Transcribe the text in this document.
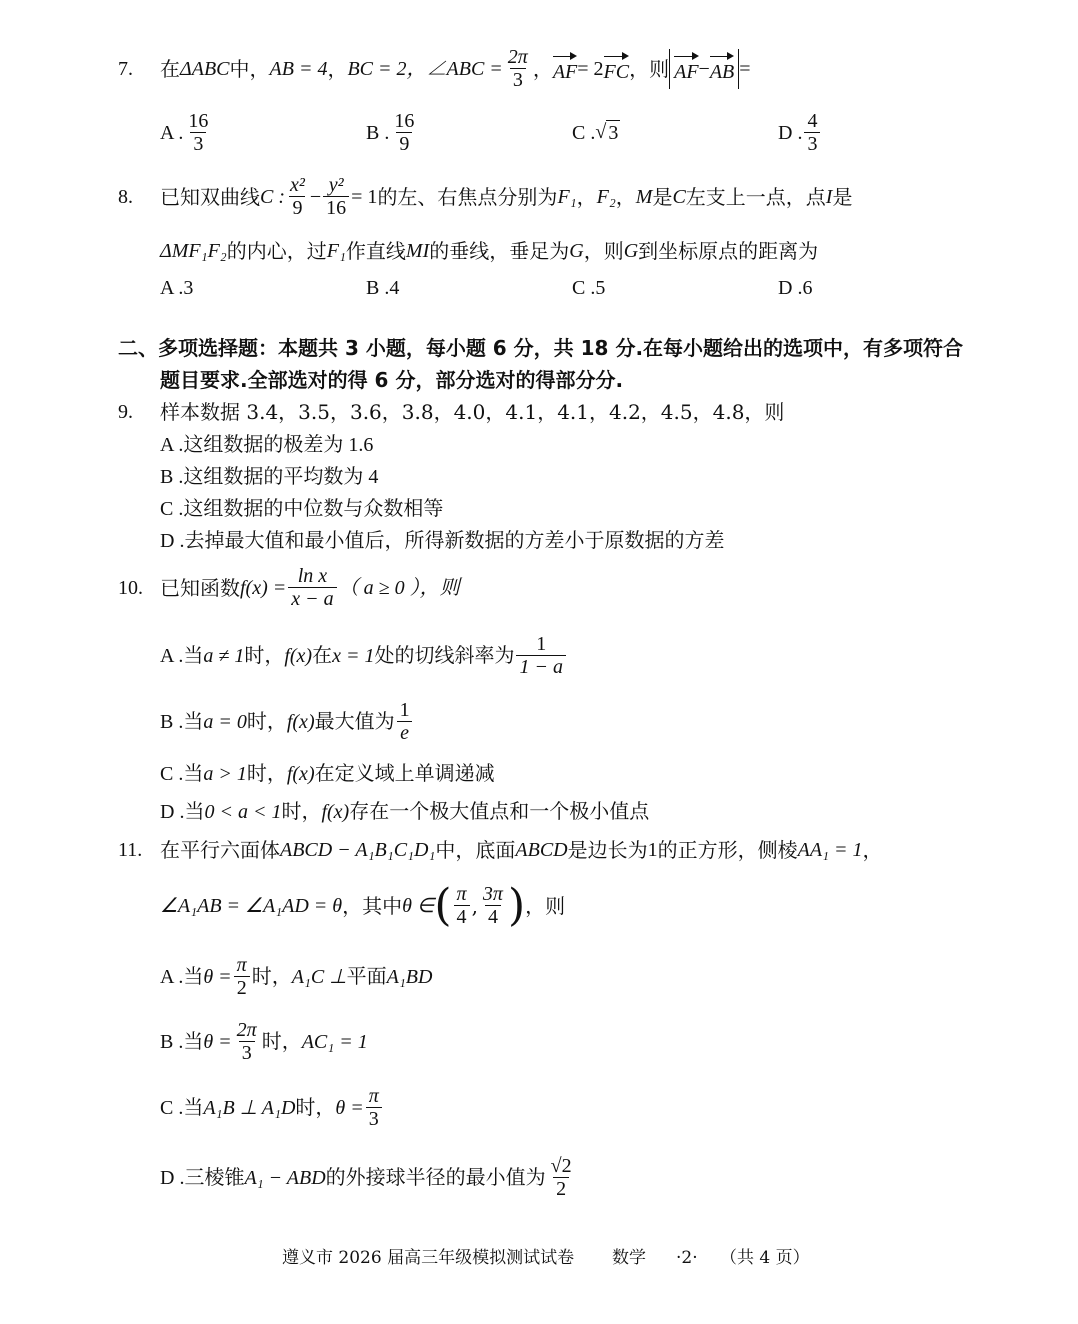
7.	在 ΔABC 中， AB = 4 ， BC = 2 ，∠ABC = $\frac{2\pi}{3}$ ， AF = 2 FC ，则 AF − AB =
A . $\frac{16}{3}$	B . $\frac{16}{9}$	C . √ 3	D . $\frac{4}{3}$
8.	已知双曲线 C : $\frac{\text{x²}}{9} - \frac{\text{y²}}{16} = 1$ 的左、右焦点分别为 F₁ ， F₂ ， M 是 C 左支上一点，点 I 是
ΔMF₁F₂ 的内心，过 F₁ 作直线 MI 的垂线，垂足为 G ，则 G 到坐标原点的距离为
A .3	B .4	C .5	D .6
二、多项选择题：本题共 3 小题，每小题 6 分，共 18 分.在每小题给出的选项中，有多项符合
题目要求.全部选对的得 6 分，部分选对的得部分分.
9.	样本数据 3.4，3.5，3.6，3.8，4.0，4.1，4.1，4.2，4.5，4.8，则
A .这组数据的极差为 1.6
B .这组数据的平均数为 4
C .这组数据的中位数与众数相等
D .去掉最大值和最小值后，所得新数据的方差小于原数据的方差
10. 已知函数 $f(x) = \frac{\text{ln x}}{x - a}$ （ a ≥ 0 ），则
A .当 a ≠ 1 时， f(x) 在 x = 1 处的切线斜率为 $\frac{1}{1 - a}$
B .当 a = 0 时， f(x) 最大值为 $\frac{1}{e}$
C .当 a > 1 时， f(x) 在定义域上单调递减
D .当 0 < a < 1 时， f(x) 存在一个极大值点和一个极小值点
11. 在平行六面体 ABCD − A₁B₁C₁D₁ 中，底面 ABCD 是边长为 1 的正方形，侧棱 AA₁ = 1 ，
∠A₁AB = ∠A₁AD = θ ，其中 θ ∈ ( $\frac{\pi}{4}$ , $\frac{3\pi}{4}$ ) ，则
A .当 $\theta = \frac{\pi}{2}$ 时， A₁C ⊥ 平面 A₁BD
B .当 $\theta = \frac{2\pi}{3}$ 时， AC₁ = 1
C .当 A₁B ⊥ A₁D 时， $\theta = \frac{\pi}{3}$
D .三棱锥 A₁ − ABD 的外接球半径的最小值为 $\frac{√2}{2}$
遵义市 2026 届高三年级模拟测试试卷 数学 ·2· （共 4 页）
